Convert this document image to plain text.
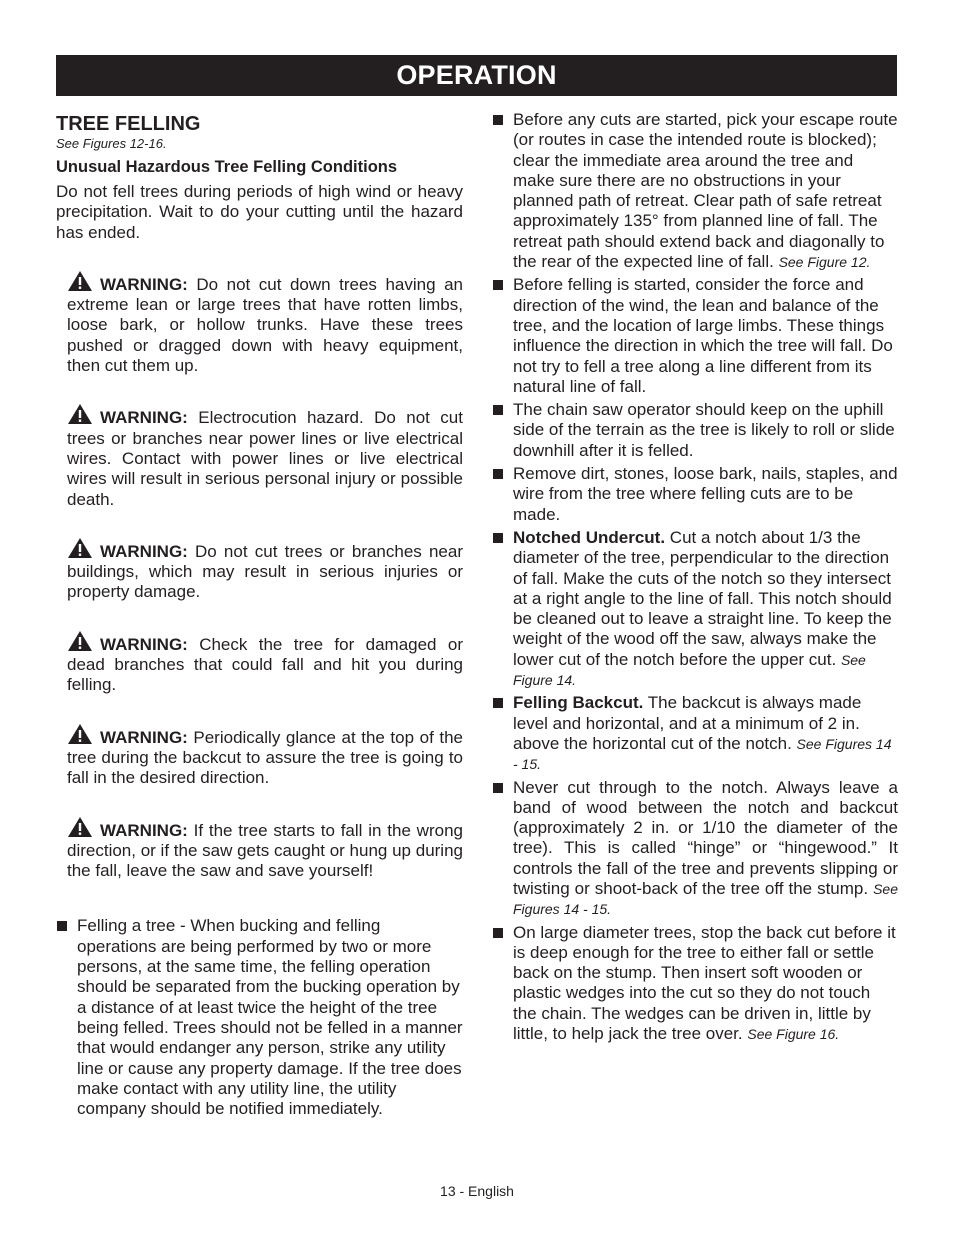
OPERATION
TREE FELLING
See Figures 12-16.
Unusual Hazardous Tree Felling Conditions

Do not fell trees during periods of high wind or heavy precipitation. Wait to do your cutting until the hazard has ended.

WARNING: Do not cut down trees having an extreme lean or large trees that have rotten limbs, loose bark, or hollow trunks. Have these trees pushed or dragged down with heavy equipment, then cut them up.
WARNING: Electrocution hazard. Do not cut trees or branches near power lines or live electrical wires. Contact with power lines or live electrical wires will result in serious personal injury or possible death.
WARNING: Do not cut trees or branches near buildings, which may result in serious injuries or property damage.
WARNING: Check the tree for damaged or dead branches that could fall and hit you during felling.
WARNING: Periodically glance at the top of the tree during the backcut to assure the tree is going to fall in the desired direction.
WARNING: If the tree starts to fall in the wrong direction, or if the saw gets caught or hung up during the fall, leave the saw and save yourself!
Felling a tree - When bucking and felling operations are being performed by two or more persons, at the same time, the felling operation should be separated from the bucking operation by a distance of at least twice the height of the tree being felled. Trees should not be felled in a manner that would endanger any person, strike any utility line or cause any property damage. If the tree does make contact with any utility line, the utility company should be notified immediately.
Before any cuts are started, pick your escape route (or routes in case the intended route is blocked); clear the immediate area around the tree and make sure there are no obstructions in your planned path of retreat. Clear path of safe retreat approximately 135° from planned line of fall. The retreat path should extend back and diagonally to the rear of the expected line of fall. See Figure 12.
Before felling is started, consider the force and direction of the wind, the lean and balance of the tree, and the location of large limbs. These things influence the direction in which the tree will fall. Do not try to fell a tree along a line different from its natural line of fall.
The chain saw operator should keep on the uphill side of the terrain as the tree is likely to roll or slide downhill after it is felled.
Remove dirt, stones, loose bark, nails, staples, and wire from the tree where felling cuts are to be made.
Notched Undercut. Cut a notch about 1/3 the diameter of the tree, perpendicular to the direction of fall. Make the cuts of the notch so they intersect at a right angle to the line of fall. This notch should be cleaned out to leave a straight line. To keep the weight of the wood off the saw, always make the lower cut of the notch before the upper cut. See Figure 14.
Felling Backcut. The backcut is always made level and horizontal, and at a minimum of 2 in. above the horizontal cut of the notch. See Figures 14 - 15.
Never cut through to the notch. Always leave a band of wood between the notch and backcut (approximately 2 in. or 1/10 the diameter of the tree). This is called “hinge” or “hingewood.” It controls the fall of the tree and prevents slipping or twisting or shoot-back of the tree off the stump. See Figures 14 - 15.
On large diameter trees, stop the back cut before it is deep enough for the tree to either fall or settle back on the stump. Then insert soft wooden or plastic wedges into the cut so they do not touch the chain. The wedges can be driven in, little by little, to help jack the tree over. See Figure 16.
13 - English
